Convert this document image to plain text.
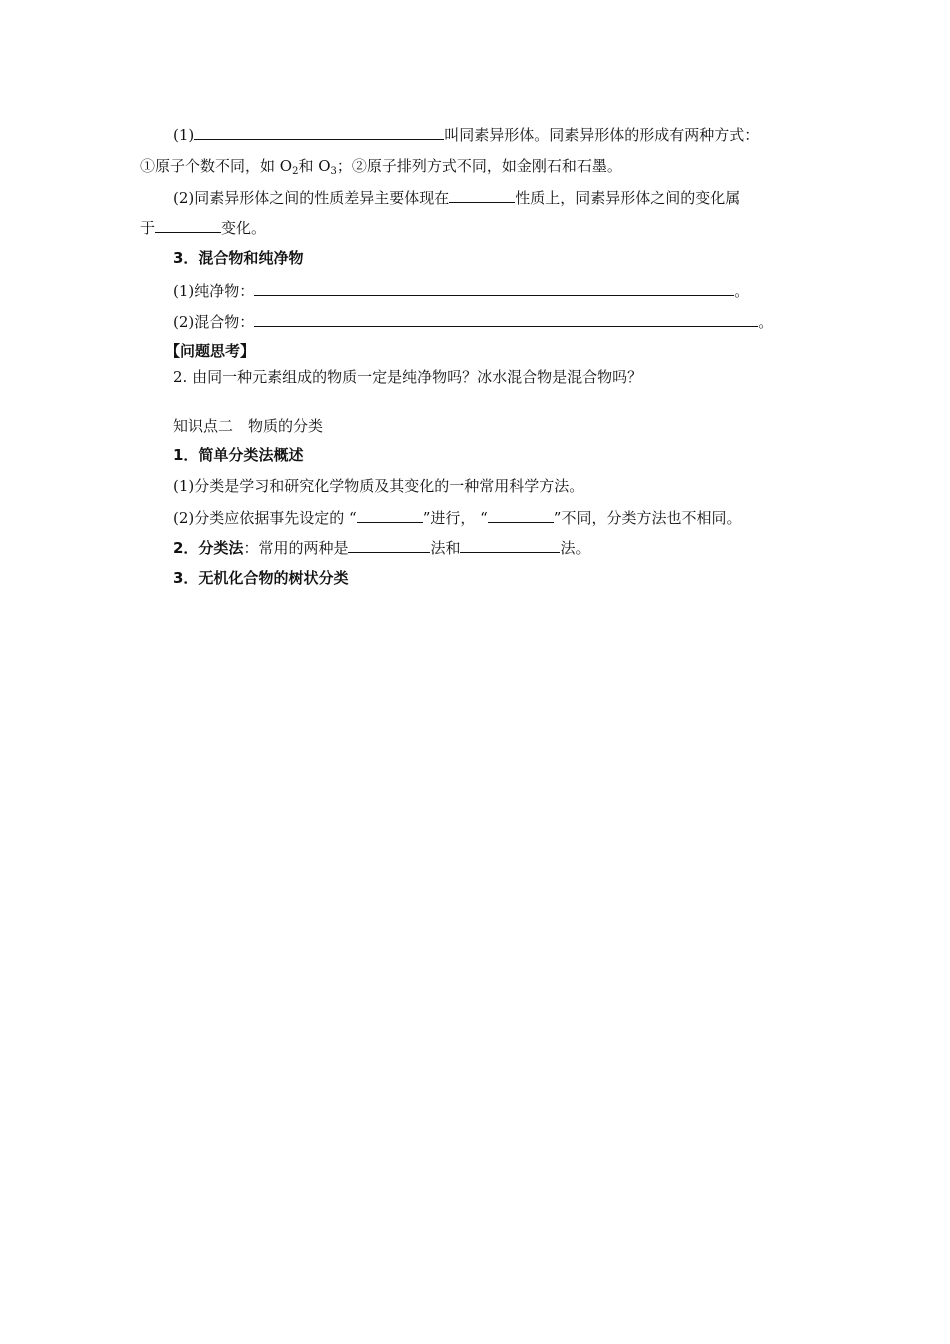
(1)	叫同素异形体。同素异形体的形成有两种方式：
①原子个数不同，如 $O_2$和 $O_3$；②原子排列方式不同，如金刚石和石墨。
(2)同素异形体之间的性质差异主要体现在	性质上，同素异形体之间的变化属
于	变化。
3．混合物和纯净物
(1)纯净物：	。
(2)混合物：	。
【问题思考】
2. 由同一种元素组成的物质一定是纯净物吗？冰水混合物是混合物吗？
知识点二　物质的分类
1．简单分类法概述
(1)分类是学习和研究化学物质及其变化的一种常用科学方法。
(2)分类应依据事先设定的 “	”进行， “	”不同，分类方法也不相同。
2．分类法：常用的两种是	法和	法。
3．无机化合物的树状分类
